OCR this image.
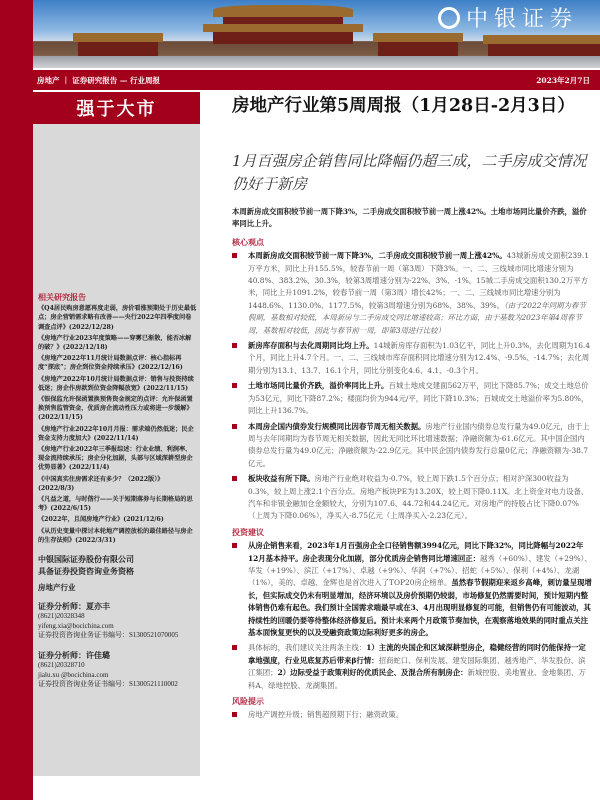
中银证券
房地产 ｜ 证券研究报告 — 行业周报	2023年2月7日
强于大市
相关研究报告
《Q4居民购房意愿再度走弱，房价看涨预期处于历史最低点；房企营销需求略有改善——央行2022年四季度问卷调查点评》(2022/12/28)
《房地产行业2023年度策略——穿雾已渐散，能否冰解的破？》(2022/12/18)
《房地产2022年11月统计局数据点评：核心指标再度“探底”；房企到位资金持续承压》(2022/12/16)
《房地产2022年10月统计局数据点评：销售与投资持续低迷；房企作房款到位资金降幅放宽》(2022/11/15)
《银保监允许保函置换预售资金规定的点评：允许保函置换预售监管资金，优质房企流动性压力或将进一步缓解》(2022/11/15)
《房地产行业2022年10月月报：需求端仍然低迷；民企资金支持力度加大》(2022/11/14)
《房地产行业2022年三季报综述：行业业绩、利润率、现金流持续承压；房企分化加剧，头部与区域深耕型房企优势显著》(2022/11/4)
《中国真实住房需求还有多少？（2022版）》(2022/8/3)
《凡益之道，与时偕行——关于短期落券与长期格局的思考》(2022/6/15)
《2022年，且闻房地产行业》(2021/12/6)
《从历史变量中探讨本轮地产调控放松的最佳路径与房企的生存法则》(2022/3/31)
中银国际证券股份有限公司
具备证券投资咨询业务资格
房地产行业
证券分析师：夏亦丰
(8621)20328348
yifeng.xia@bocichina.com
证券投资咨询业务证书编号：S1300521070005
证券分析师：许佳璐
(8621)20328710
jialu.xu @bocichina.com
证券投资咨询业务证书编号：S1300521110002
房地产行业第5周周报（1月28日-2月3日）
1月百强房企销售同比降幅仍超三成，二手房成交情况仍好于新房
本周新房成交面积较节前一周下降3%，二手房成交面积较节前一周上涨42%。土地市场同比量价齐跌，溢价率同比上升。
核心观点
本周新房成交面积较节前一周下降3%，二手房成交面积较节前一周上涨42%。43城新房成交面积239.1万平方米，同比上升155.5%，较春节前一周（第3周）下降3%。一、二、三线城市同比增速分别为40.8%、383.2%、30.3%，较第3周增速分别为-22%、3%、-1%。15城二手房成交面积130.2万平方米，同比上升1091.2%，较春节前一周（第3周）增长42%；一、二、三线城市同比增速分别为1448.6%、1130.0%、1177.5%，较第3周增速分别为68%、38%、39%。（由于2022年同期为春节假期，基数相对较低，本周新房与二手房成交同比增速较高；环比方面，由于基数为2023年第4周春节周，基数相对较低，因此与春节前一周，即第3周进行比较）
新房库存面积与去化周期同比均上升。14城新房库存面积为1.03亿平，同比上升0.3%，去化周期为16.4个月，同比上升4.7个月。一、二、三线城市库存面积同比增速分别为12.4%、-9.5%、-14.7%；去化周期分别为13.1、13.7、16.1个月，同比分别变化4.6、4.1、-0.3个月。
土地市场同比量价齐跌，溢价率同比上升。百城土地成交建面562万平，同比下降85.7%；成交土地总价为53亿元，同比下降87.2%；楼面均价为944元/平，同比下降10.3%；百城成交土地溢价率为5.80%，同比上升136.7%。
本周房企国内债券发行规模同比因春节周无相关数据。房地产行业国内债券总发行量为49.0亿元，由于上周与去年同期均为春节周无相关数据，因此无同比环比增速数据；净融资额为-61.6亿元。其中国企国内债券总发行量为49.0亿元；净融资额为-22.9亿元。其中民企国内债券发行总量0亿元；净融资额为-38.7亿元。
板块收益有所下降。房地产行业绝对收益为-0.7%，较上周下跌1.5个百分点；相对沪深300收益为0.3%，较上周上涨2.1个百分点。房地产板块PE为13.20X，较上周下降0.11X。北上资金对电力设备、汽车和非银金融加仓金额较大，分别为107.6、44.72和44.24亿元。对房地产的持股占比下降0.07%（上周为下降0.06%），净买入-8.75亿元（上周净买入-2.23亿元）。
投资建议
从房企销售来看，2023年1月百强房企全口径销售额3994亿元，同比下降32%，同比降幅与2022年12月基本持平。房企表现分化加剧，部分优质房企销售同比增速回正：越秀（+60%）、建发（+29%）、华发（+19%）、滨江（+17%）、卓越（+9%）、华润（+7%）、招蛇（+5%）、保利（+4%）、龙湖（1%），美的、卓越、金辉也是首次进入了TOP20房企榜单。虽然春节假期迎来返乡高峰，刺访量呈现增长，但实际成交仍未有明显增加，经济环境以及房价预期仍较弱，市场修复仍然需要时间，预计短期内整体销售仍难有起色。我们预计全国需求端最早或在3、4月出现明显修复的可能，但销售仍有可能波动，其持续性的回暖仍要等待整体经济修复后。预计未来两个月政策节奏加快，在观察落地效果的同时重点关注基本面恢复更快的以及受融资政策边际利好更多的房企。
具体标的，我们建议关注两条主线：1）主流的央国企和区域深耕型房企，稳健经营的同时仍能保持一定拿地强度，行业见底复苏后带来β行情：招商蛇口、保利发展、建发国际集团、越秀地产、华发股份、滨江集团；2）边际受益于政策利好的优质民企、及混合所有制房企：新城控股、美地置业、金地集团、万科A、绿地控股、龙湖集团。
风险提示
房地产调控升级；销售超预期下行；融资政策。
